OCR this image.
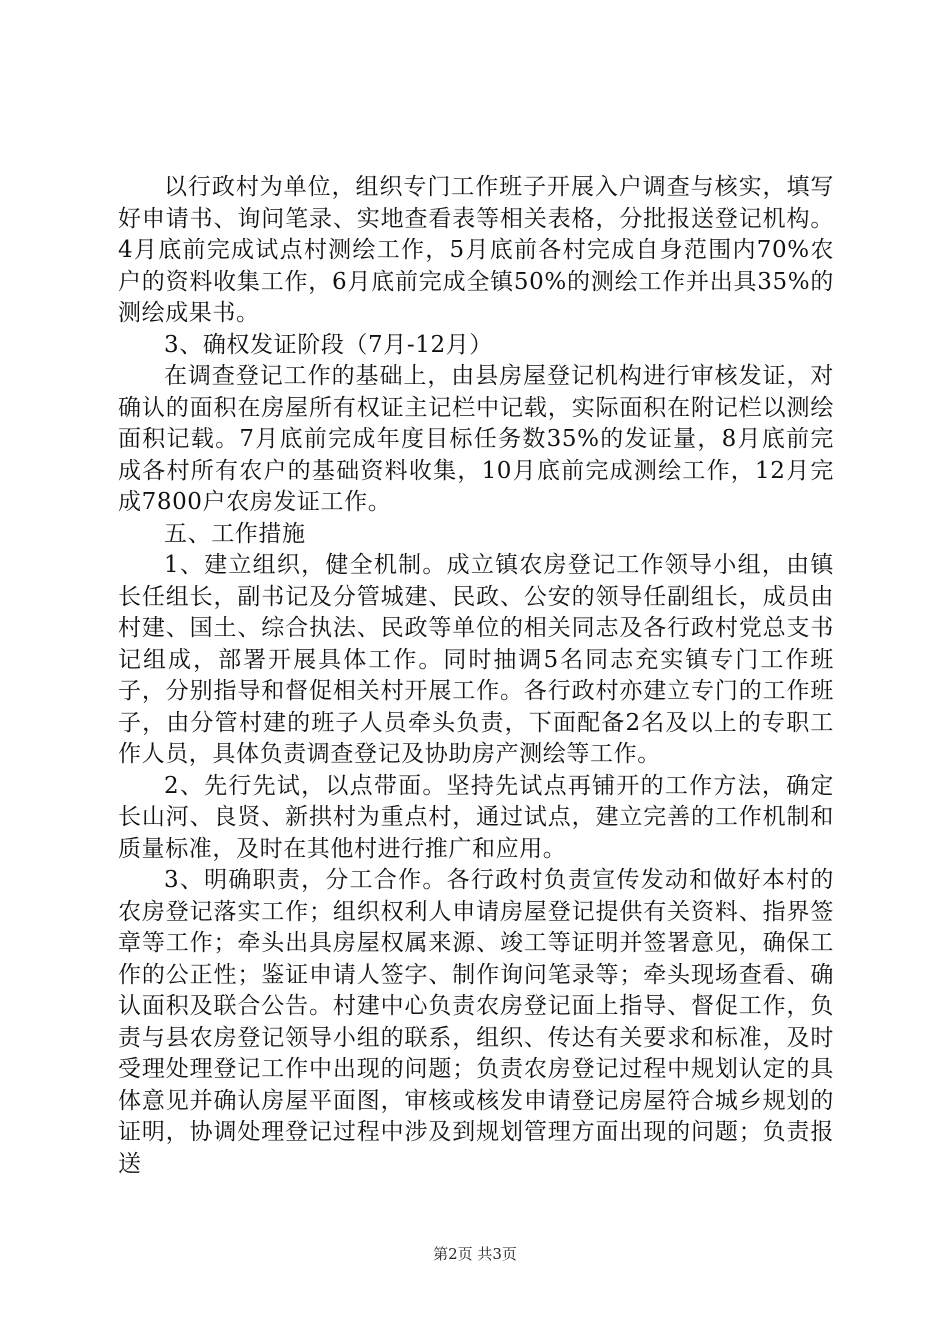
以行政村为单位，组织专门工作班子开展入户调查与核实，填写好申请书、询问笔录、实地查看表等相关表格，分批报送登记机构。4月底前完成试点村测绘工作，5月底前各村完成自身范围内70%农户的资料收集工作，6月底前完成全镇50%的测绘工作并出具35%的测绘成果书。

3、确权发证阶段（7月-12月）

在调查登记工作的基础上，由县房屋登记机构进行审核发证，对确认的面积在房屋所有权证主记栏中记载，实际面积在附记栏以测绘面积记载。7月底前完成年度目标任务数35%的发证量，8月底前完成各村所有农户的基础资料收集，10月底前完成测绘工作，12月完成7800户农房发证工作。

五、工作措施

1、建立组织，健全机制。成立镇农房登记工作领导小组，由镇长任组长，副书记及分管城建、民政、公安的领导任副组长，成员由村建、国土、综合执法、民政等单位的相关同志及各行政村党总支书记组成，部署开展具体工作。同时抽调5名同志充实镇专门工作班子，分别指导和督促相关村开展工作。各行政村亦建立专门的工作班子，由分管村建的班子人员牵头负责，下面配备2名及以上的专职工作人员，具体负责调查登记及协助房产测绘等工作。

2、先行先试，以点带面。坚持先试点再铺开的工作方法，确定长山河、良贤、新拱村为重点村，通过试点，建立完善的工作机制和质量标准，及时在其他村进行推广和应用。

3、明确职责，分工合作。各行政村负责宣传发动和做好本村的农房登记落实工作；组织权利人申请房屋登记提供有关资料、指界签章等工作；牵头出具房屋权属来源、竣工等证明并签署意见，确保工作的公正性；鉴证申请人签字、制作询问笔录等；牵头现场查看、确认面积及联合公告。村建中心负责农房登记面上指导、督促工作，负责与县农房登记领导小组的联系，组织、传达有关要求和标准，及时受理处理登记工作中出现的问题；负责农房登记过程中规划认定的具体意见并确认房屋平面图，审核或核发申请登记房屋符合城乡规划的证明，协调处理登记过程中涉及到规划管理方面出现的问题；负责报送

第2页 共3页
